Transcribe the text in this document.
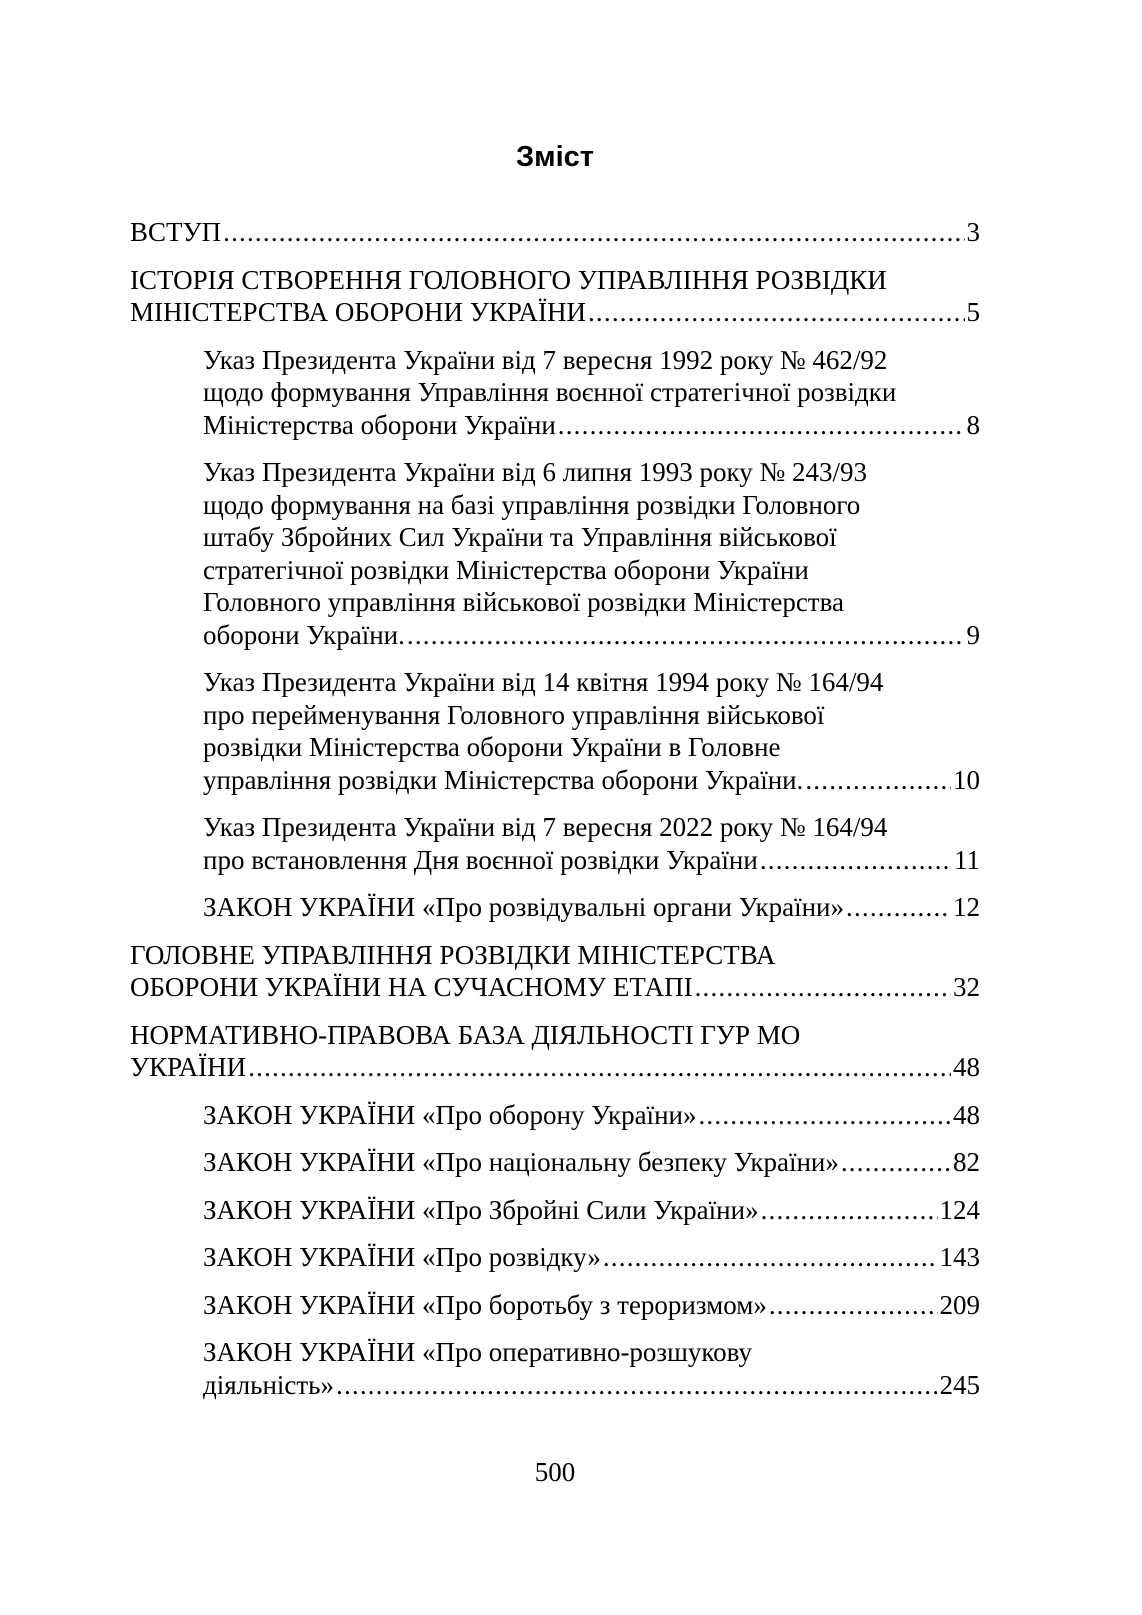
Зміст
ВСТУП .....	3
ІСТОРІЯ СТВОРЕННЯ ГОЛОВНОГО УПРАВЛІННЯ РОЗВІДКИ
МІНІСТЕРСТВА ОБОРОНИ УКРАЇНИ .....	5
Указ Президента України від 7 вересня 1992 року № 462/92
щодо формування Управління воєнної стратегічної розвідки
Міністерства оборони України .....	8
Указ Президента України від 6 липня 1993 року № 243/93
щодо формування на базі управління розвідки Головного
штабу Збройних Сил України та Управління військової
стратегічної розвідки Міністерства оборони України
Головного управління військової розвідки Міністерства
оборони України. .....	9
Указ Президента України від 14 квітня 1994 року № 164/94
про перейменування Головного управління військової
розвідки Міністерства оборони України в Головне
управління розвідки Міністерства оборони України. .....	10
Указ Президента України від 7 вересня 2022 року № 164/94
про встановлення Дня воєнної розвідки України .....	11
ЗАКОН УКРАЇНИ «Про розвідувальні органи України» .....	12
ГОЛОВНЕ УПРАВЛІННЯ РОЗВІДКИ МІНІСТЕРСТВА
ОБОРОНИ УКРАЇНИ НА СУЧАСНОМУ ЕТАПІ .....	32
НОРМАТИВНО-ПРАВОВА БАЗА ДІЯЛЬНОСТІ ГУР МО
УКРАЇНИ .....	48
ЗАКОН УКРАЇНИ «Про оборону України» .....	48
ЗАКОН УКРАЇНИ «Про національну безпеку України» .....	82
ЗАКОН УКРАЇНИ «Про Збройні Сили України» .....	124
ЗАКОН УКРАЇНИ «Про розвідку» .....	143
ЗАКОН УКРАЇНИ «Про боротьбу з тероризмом» .....	209
ЗАКОН УКРАЇНИ «Про оперативно-розшукову
діяльність» .....	245
500
